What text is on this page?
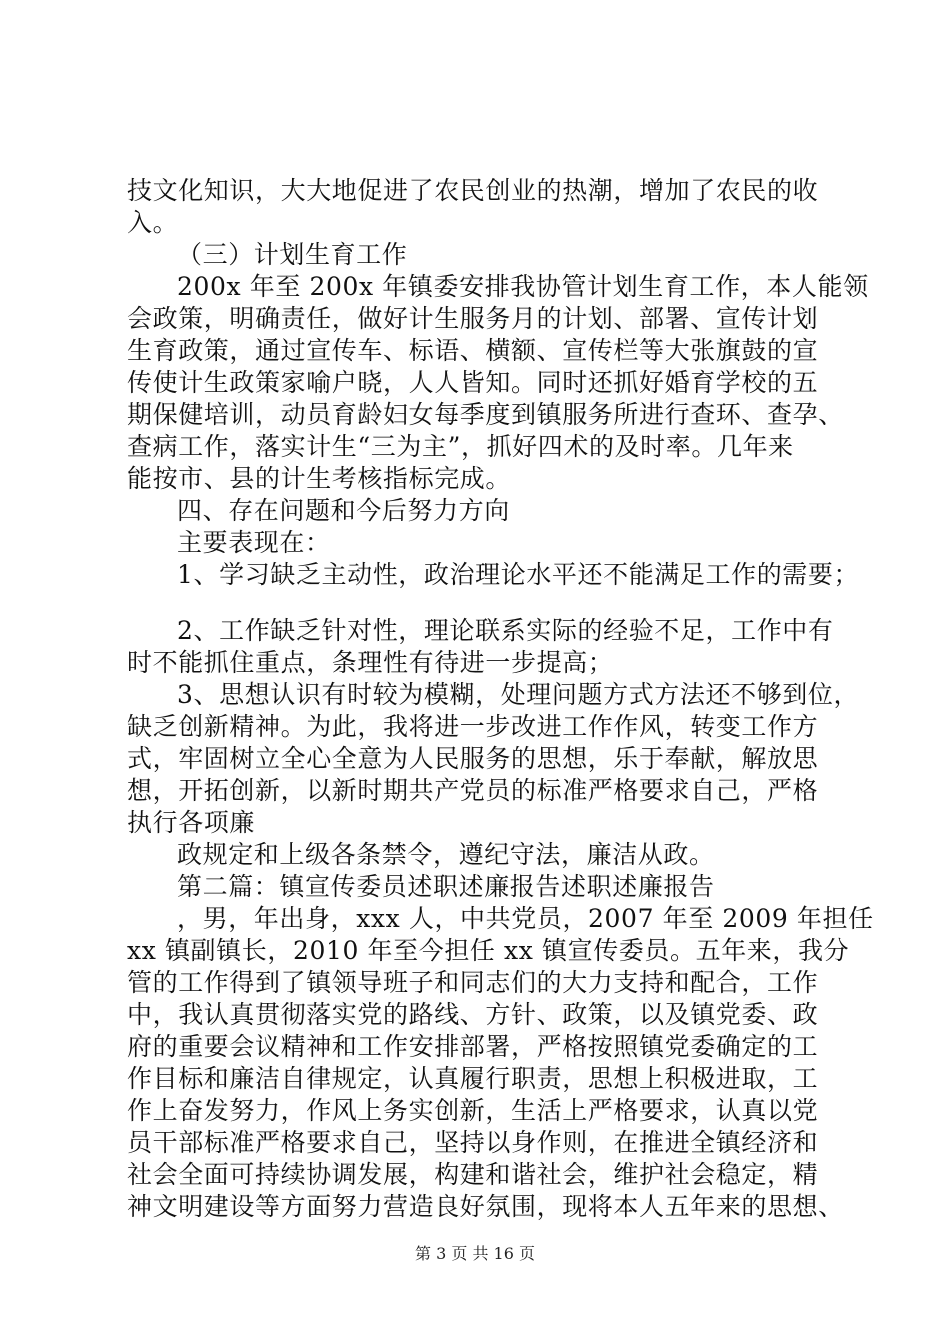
技文化知识，大大地促进了农民创业的热潮，增加了农民的收
入。
（三）计划生育工作
200x 年至 200x 年镇委安排我协管计划生育工作，本人能领
会政策，明确责任，做好计生服务月的计划、部署、宣传计划
生育政策，通过宣传车、标语、横额、宣传栏等大张旗鼓的宣
传使计生政策家喻户晓，人人皆知。同时还抓好婚育学校的五
期保健培训，动员育龄妇女每季度到镇服务所进行查环、查孕、
查病工作，落实计生“三为主”，抓好四术的及时率。几年来
能按市、县的计生考核指标完成。
四、存在问题和今后努力方向
主要表现在：
1、学习缺乏主动性，政治理论水平还不能满足工作的需要；
2、工作缺乏针对性，理论联系实际的经验不足，工作中有
时不能抓住重点，条理性有待进一步提高；
3、思想认识有时较为模糊，处理问题方式方法还不够到位，
缺乏创新精神。为此，我将进一步改进工作作风，转变工作方
式，牢固树立全心全意为人民服务的思想，乐于奉献，解放思
想，开拓创新，以新时期共产党员的标准严格要求自己，严格
执行各项廉
政规定和上级各条禁令，遵纪守法，廉洁从政。
第二篇：镇宣传委员述职述廉报告述职述廉报告
，男，年出身，xxx 人，中共党员，2007 年至 2009 年担任
xx 镇副镇长，2010 年至今担任 xx 镇宣传委员。五年来，我分
管的工作得到了镇领导班子和同志们的大力支持和配合，工作
中，我认真贯彻落实党的路线、方针、政策，以及镇党委、政
府的重要会议精神和工作安排部署，严格按照镇党委确定的工
作目标和廉洁自律规定，认真履行职责，思想上积极进取，工
作上奋发努力，作风上务实创新，生活上严格要求，认真以党
员干部标准严格要求自己，坚持以身作则，在推进全镇经济和
社会全面可持续协调发展，构建和谐社会，维护社会稳定，精
神文明建设等方面努力营造良好氛围，现将本人五年来的思想、
第 3 页 共 16 页
